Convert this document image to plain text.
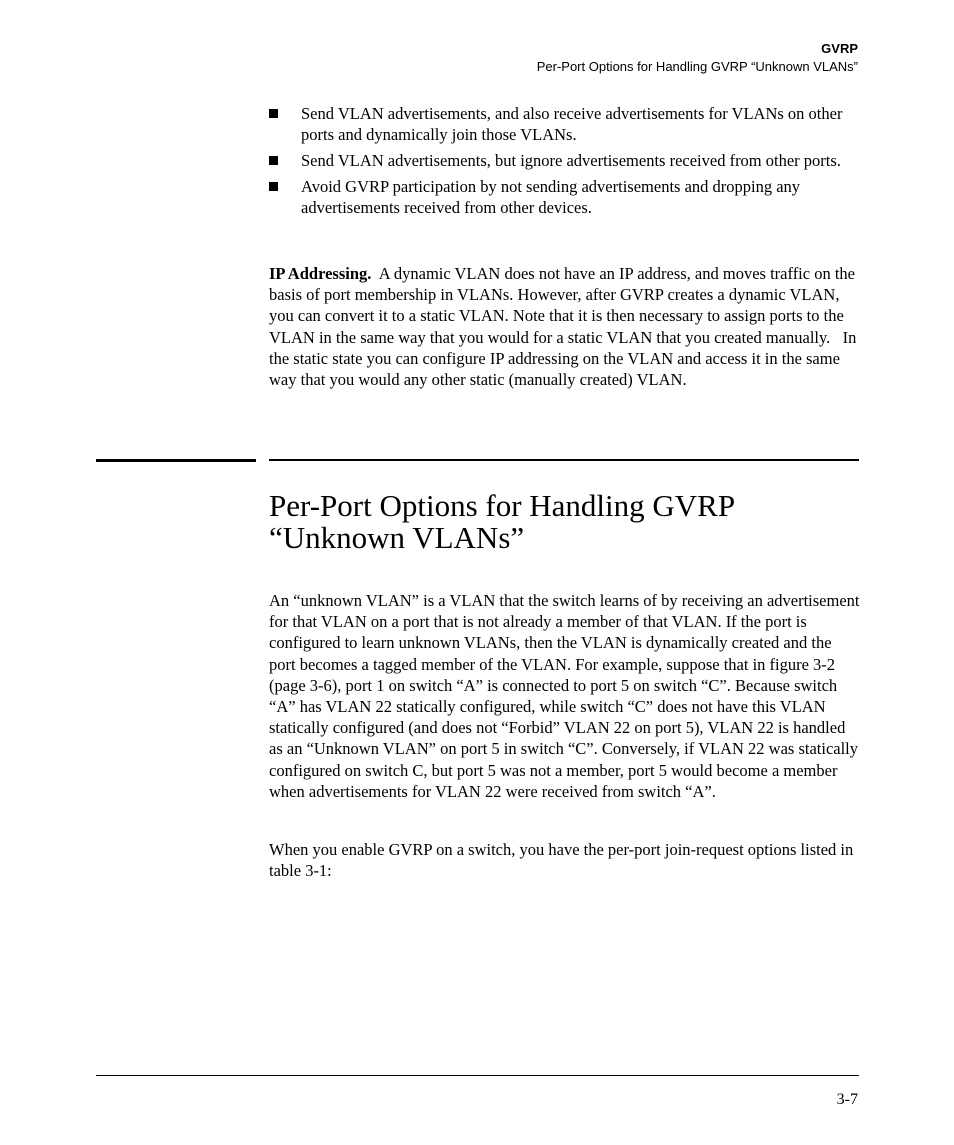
GVRP
Per-Port Options for Handling GVRP “Unknown VLANs”
Send VLAN advertisements, and also receive advertisements for VLANs on other ports and dynamically join those VLANs.
Send VLAN advertisements, but ignore advertisements received from other ports.
Avoid GVRP participation by not sending advertisements and dropping any advertisements received from other devices.

IP Addressing.  A dynamic VLAN does not have an IP address, and moves traffic on the basis of port membership in VLANs. However, after GVRP creates a dynamic VLAN, you can convert it to a static VLAN. Note that it is then necessary to assign ports to the VLAN in the same way that you would for a static VLAN that you created manually.   In the static state you can configure IP addressing on the VLAN and access it in the same way that you would any other static (manually created) VLAN.

Per-Port Options for Handling GVRP “Unknown VLANs”

An “unknown VLAN” is a VLAN that the switch learns of by receiving an advertisement for that VLAN on a port that is not already a member of that VLAN. If the port is configured to learn unknown VLANs, then the VLAN is dynamically created and the port becomes a tagged member of the VLAN. For example, suppose that in figure 3-2 (page 3-6), port 1 on switch “A” is connected to port 5 on switch “C”. Because switch “A” has VLAN 22 statically configured, while switch “C” does not have this VLAN statically configured (and does not “Forbid” VLAN 22 on port 5), VLAN 22 is handled as an “Unknown VLAN” on port 5 in switch “C”. Conversely, if VLAN 22 was statically configured on switch C, but port 5 was not a member, port 5 would become a member when advertisements for VLAN 22 were received from switch “A”.

When you enable GVRP on a switch, you have the per-port join-request options listed in table 3-1:

3-7
